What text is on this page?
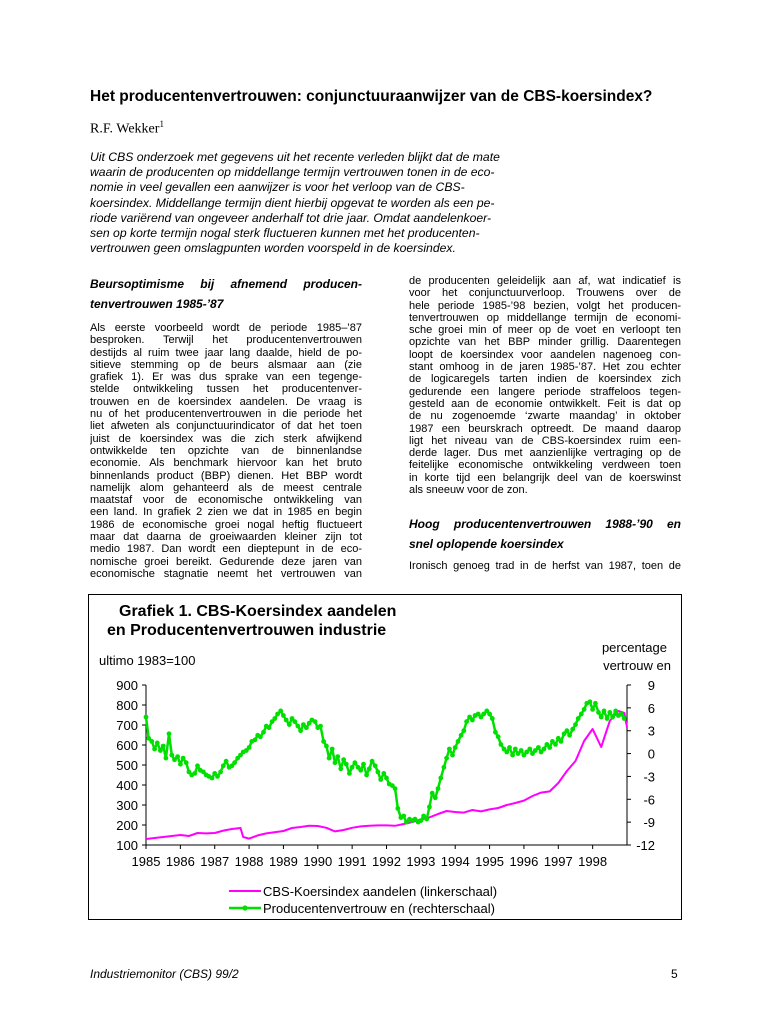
Het producentenvertrouwen: conjunctuuraanwijzer van de CBS-koersindex?
R.F. Wekker$^1$
Uit CBS onderzoek met gegevens uit het recente verleden blijkt dat de mate
waarin de producenten op middellange termijn vertrouwen tonen in de eco-
nomie in veel gevallen een aanwijzer is voor het verloop van de CBS-
koersindex. Middellange termijn dient hierbij opgevat te worden als een pe-
riode variërend van ongeveer anderhalf tot drie jaar. Omdat aandelenkoer-
sen op korte termijn nogal sterk fluctueren kunnen met het producenten-
vertrouwen geen omslagpunten worden voorspeld in de koersindex.
Beursoptimisme bij afnemend producen-
tenvertrouwen 1985-’87
Als eerste voorbeeld wordt de periode 1985–’87
besproken. Terwijl het producentenvertrouwen
destijds al ruim twee jaar lang daalde, hield de po-
sitieve stemming op de beurs alsmaar aan (zie
grafiek 1). Er was dus sprake van een tegenge-
stelde ontwikkeling tussen het producentenver-
trouwen en de koersindex aandelen. De vraag is
nu of het producentenvertrouwen in die periode het
liet afweten als conjunctuurindicator of dat het toen
juist de koersindex was die zich sterk afwijkend
ontwikkelde ten opzichte van de binnenlandse
economie. Als benchmark hiervoor kan het bruto
binnenlands product (BBP) dienen. Het BBP wordt
namelijk alom gehanteerd als de meest centrale
maatstaf voor de economische ontwikkeling van
een land. In grafiek 2 zien we dat in 1985 en begin
1986 de economische groei nogal heftig fluctueert
maar dat daarna de groeiwaarden kleiner zijn tot
medio 1987. Dan wordt een dieptepunt in de eco-
nomische groei bereikt. Gedurende deze jaren van
economische stagnatie neemt het vertrouwen van
de producenten geleidelijk aan af, wat indicatief is
voor het conjunctuurverloop. Trouwens over de
hele periode 1985-’98 bezien, volgt het producen-
tenvertrouwen op middellange termijn de economi-
sche groei min of meer op de voet en verloopt ten
opzichte van het BBP minder grillig. Daarentegen
loopt de koersindex voor aandelen nagenoeg con-
stant omhoog in de jaren 1985-’87. Het zou echter
de logicaregels tarten indien de koersindex zich
gedurende een langere periode straffeloos tegen-
gesteld aan de economie ontwikkelt. Feit is dat op
de nu zogenoemde ‘zwarte maandag’ in oktober
1987 een beurskrach optreedt. De maand daarop
ligt het niveau van de CBS-koersindex ruim een-
derde lager. Dus met aanzienlijke vertraging op de
feitelijke economische ontwikkeling verdween toen
in korte tijd een belangrijk deel van de koerswinst
als sneeuw voor de zon.
Hoog producentenvertrouwen 1988-’90 en
snel oplopende koersindex
Ironisch genoeg trad in de herfst van 1987, toen de
Grafiek 1. CBS-Koersindex aandelen
en Producentenvertrouwen industrie
ultimo 1983=100
percentage
vertrouw en
900
800
700
600
500
400
300
200
100
9
6
3
0
-3
-6
-9
-12
1985 1986 1987 1988 1989 1990 1991 1992 1993 1994 1995 1996 1997 1998
CBS-Koersindex aandelen (linkerschaal)
Producentenvertrouw en (rechterschaal)
Industriemonitor (CBS) 99/2	5
